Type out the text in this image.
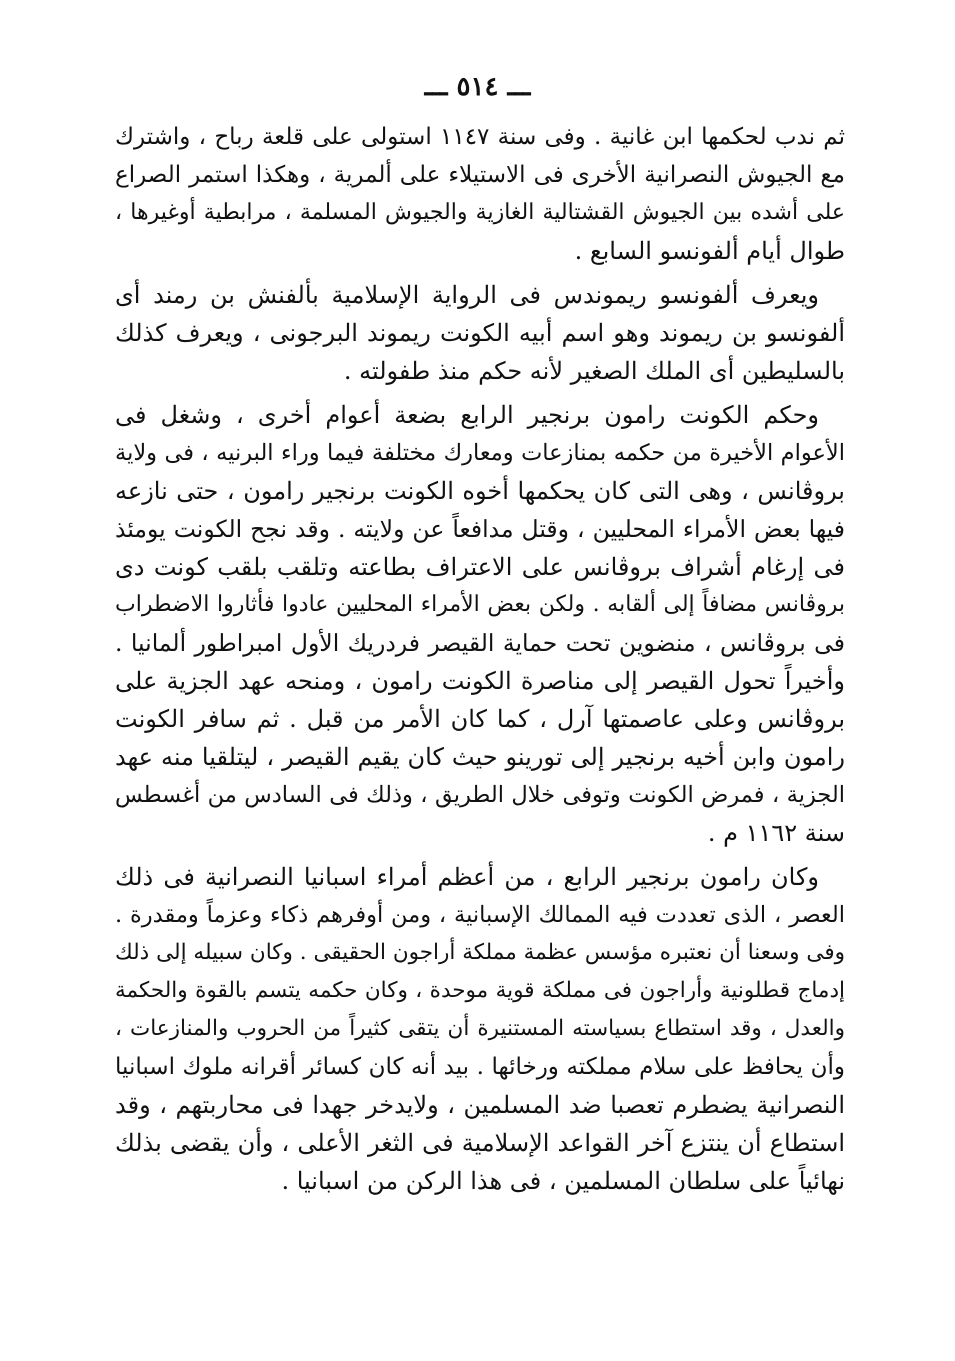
ـــ ٥١٤ ـــ
ثم ندب لحكمها ابن غانية . وفى سنة ١١٤٧ استولى على قلعة رباح ، واشترك
مع الجيوش النصرانية الأخرى فى الاستيلاء على ألمرية ، وهكذا استمر الصراع
على أشده بين الجيوش القشتالية الغازية والجيوش المسلمة ، مرابطية أوغيرها ،
طوال أيام ألفونسو السابع .
ويعرف ألفونسو ريموندس فى الرواية الإسلامية بألفنش بن رمند أى
ألفونسو بن ريموند وهو اسم أبيه الكونت ريموند البرجونى ، ويعرف كذلك
بالسليطين أى الملك الصغير لأنه حكم منذ طفولته .
وحكم الكونت رامون برنجير الرابع بضعة أعوام أخرى ، وشغل فى
الأعوام الأخيرة من حكمه بمنازعات ومعارك مختلفة فيما وراء البرنيه ، فى ولاية
بروڤانس ، وهى التى كان يحكمها أخوه الكونت برنجير رامون ، حتى نازعه
فيها بعض الأمراء المحليين ، وقتل مدافعاً عن ولايته . وقد نجح الكونت يومئذ
فى إرغام أشراف بروڤانس على الاعتراف بطاعته وتلقب بلقب كونت دى
بروڤانس مضافاً إلى ألقابه . ولكن بعض الأمراء المحليين عادوا فأثاروا الاضطراب
فى بروڤانس ، منضوين تحت حماية القيصر فردريك الأول امبراطور ألمانيا .
وأخيراً تحول القيصر إلى مناصرة الكونت رامون ، ومنحه عهد الجزية على
بروڤانس وعلى عاصمتها آرل ، كما كان الأمر من قبل . ثم سافر الكونت
رامون وابن أخيه برنجير إلى تورينو حيث كان يقيم القيصر ، ليتلقيا منه عهد
الجزية ، فمرض الكونت وتوفى خلال الطريق ، وذلك فى السادس من أغسطس
سنة ١١٦٢ م .
وكان رامون برنجير الرابع ، من أعظم أمراء اسبانيا النصرانية فى ذلك
العصر ، الذى تعددت فيه الممالك الإسبانية ، ومن أوفرهم ذكاء وعزماً ومقدرة .
وفى وسعنا أن نعتبره مؤسس عظمة مملكة أراجون الحقيقى . وكان سبيله إلى ذلك
إدماج قطلونية وأراجون فى مملكة قوية موحدة ، وكان حكمه يتسم بالقوة والحكمة
والعدل ، وقد استطاع بسياسته المستنيرة أن يتقى كثيراً من الحروب والمنازعات ،
وأن يحافظ على سلام مملكته ورخائها . بيد أنه كان كسائر أقرانه ملوك اسبانيا
النصرانية يضطرم تعصبا ضد المسلمين ، ولايدخر جهدا فى محاربتهم ، وقد
استطاع أن ينتزع آخر القواعد الإسلامية فى الثغر الأعلى ، وأن يقضى بذلك
نهائياً على سلطان المسلمين ، فى هذا الركن من اسبانيا .
